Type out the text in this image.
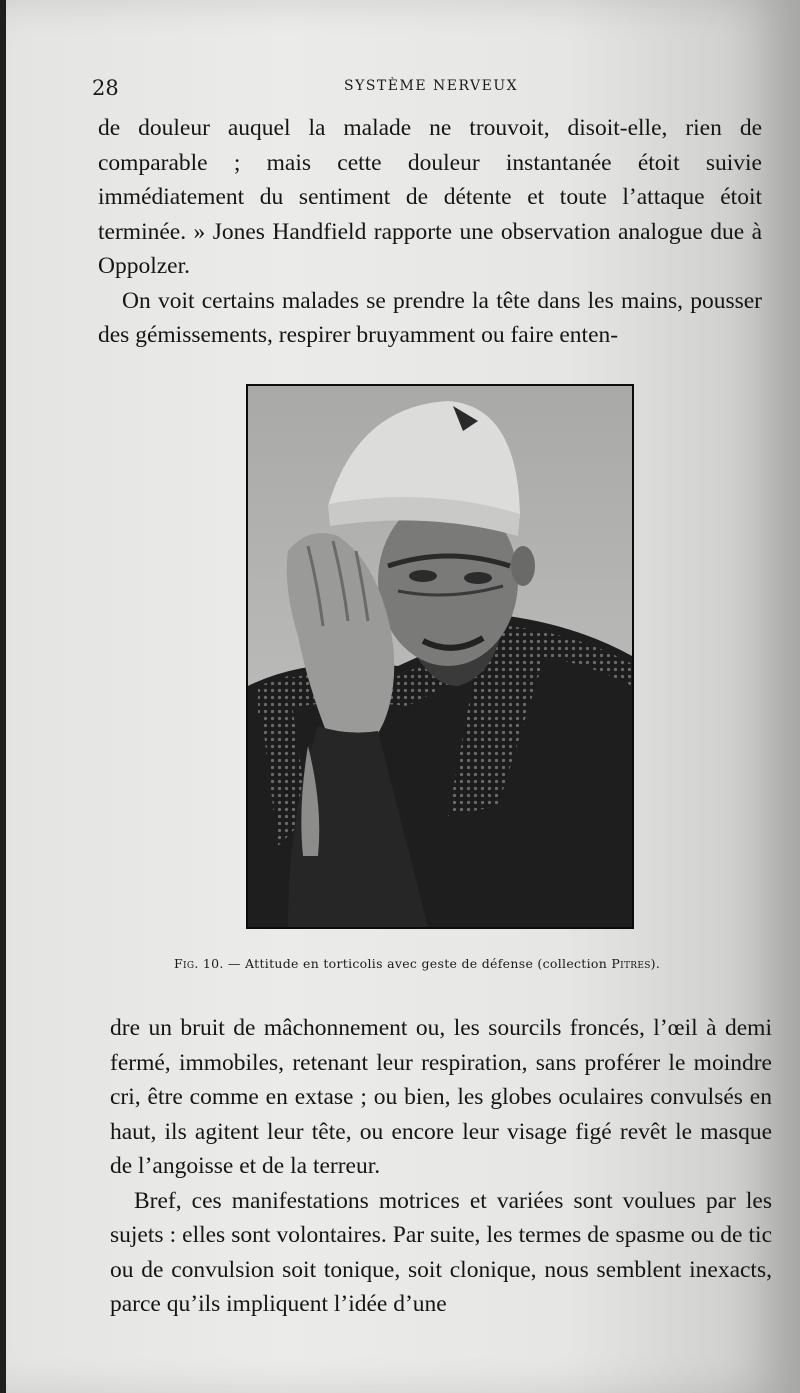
28	SYSTÈME NERVEUX

de douleur auquel la malade ne trouvoit, disoit-elle, rien de comparable ; mais cette douleur instantanée étoit suivie immédiatement du sentiment de détente et toute l’attaque étoit terminée. » Jones Handfield rapporte une observation analogue due à Oppolzer.

On voit certains malades se prendre la tête dans les mains, pousser des gémissements, respirer bruyamment ou faire enten-

Fig. 10. — Attitude en torticolis avec geste de défense (collection Pitres).

dre un bruit de mâchonnement ou, les sourcils froncés, l’œil à demi fermé, immobiles, retenant leur respiration, sans proférer le moindre cri, être comme en extase ; ou bien, les globes oculaires convulsés en haut, ils agitent leur tête, ou encore leur visage figé revêt le masque de l’angoisse et de la terreur.

Bref, ces manifestations motrices et variées sont voulues par les sujets : elles sont volontaires. Par suite, les termes de spasme ou de tic ou de convulsion soit tonique, soit clonique, nous semblent inexacts, parce qu’ils impliquent l’idée d’une
